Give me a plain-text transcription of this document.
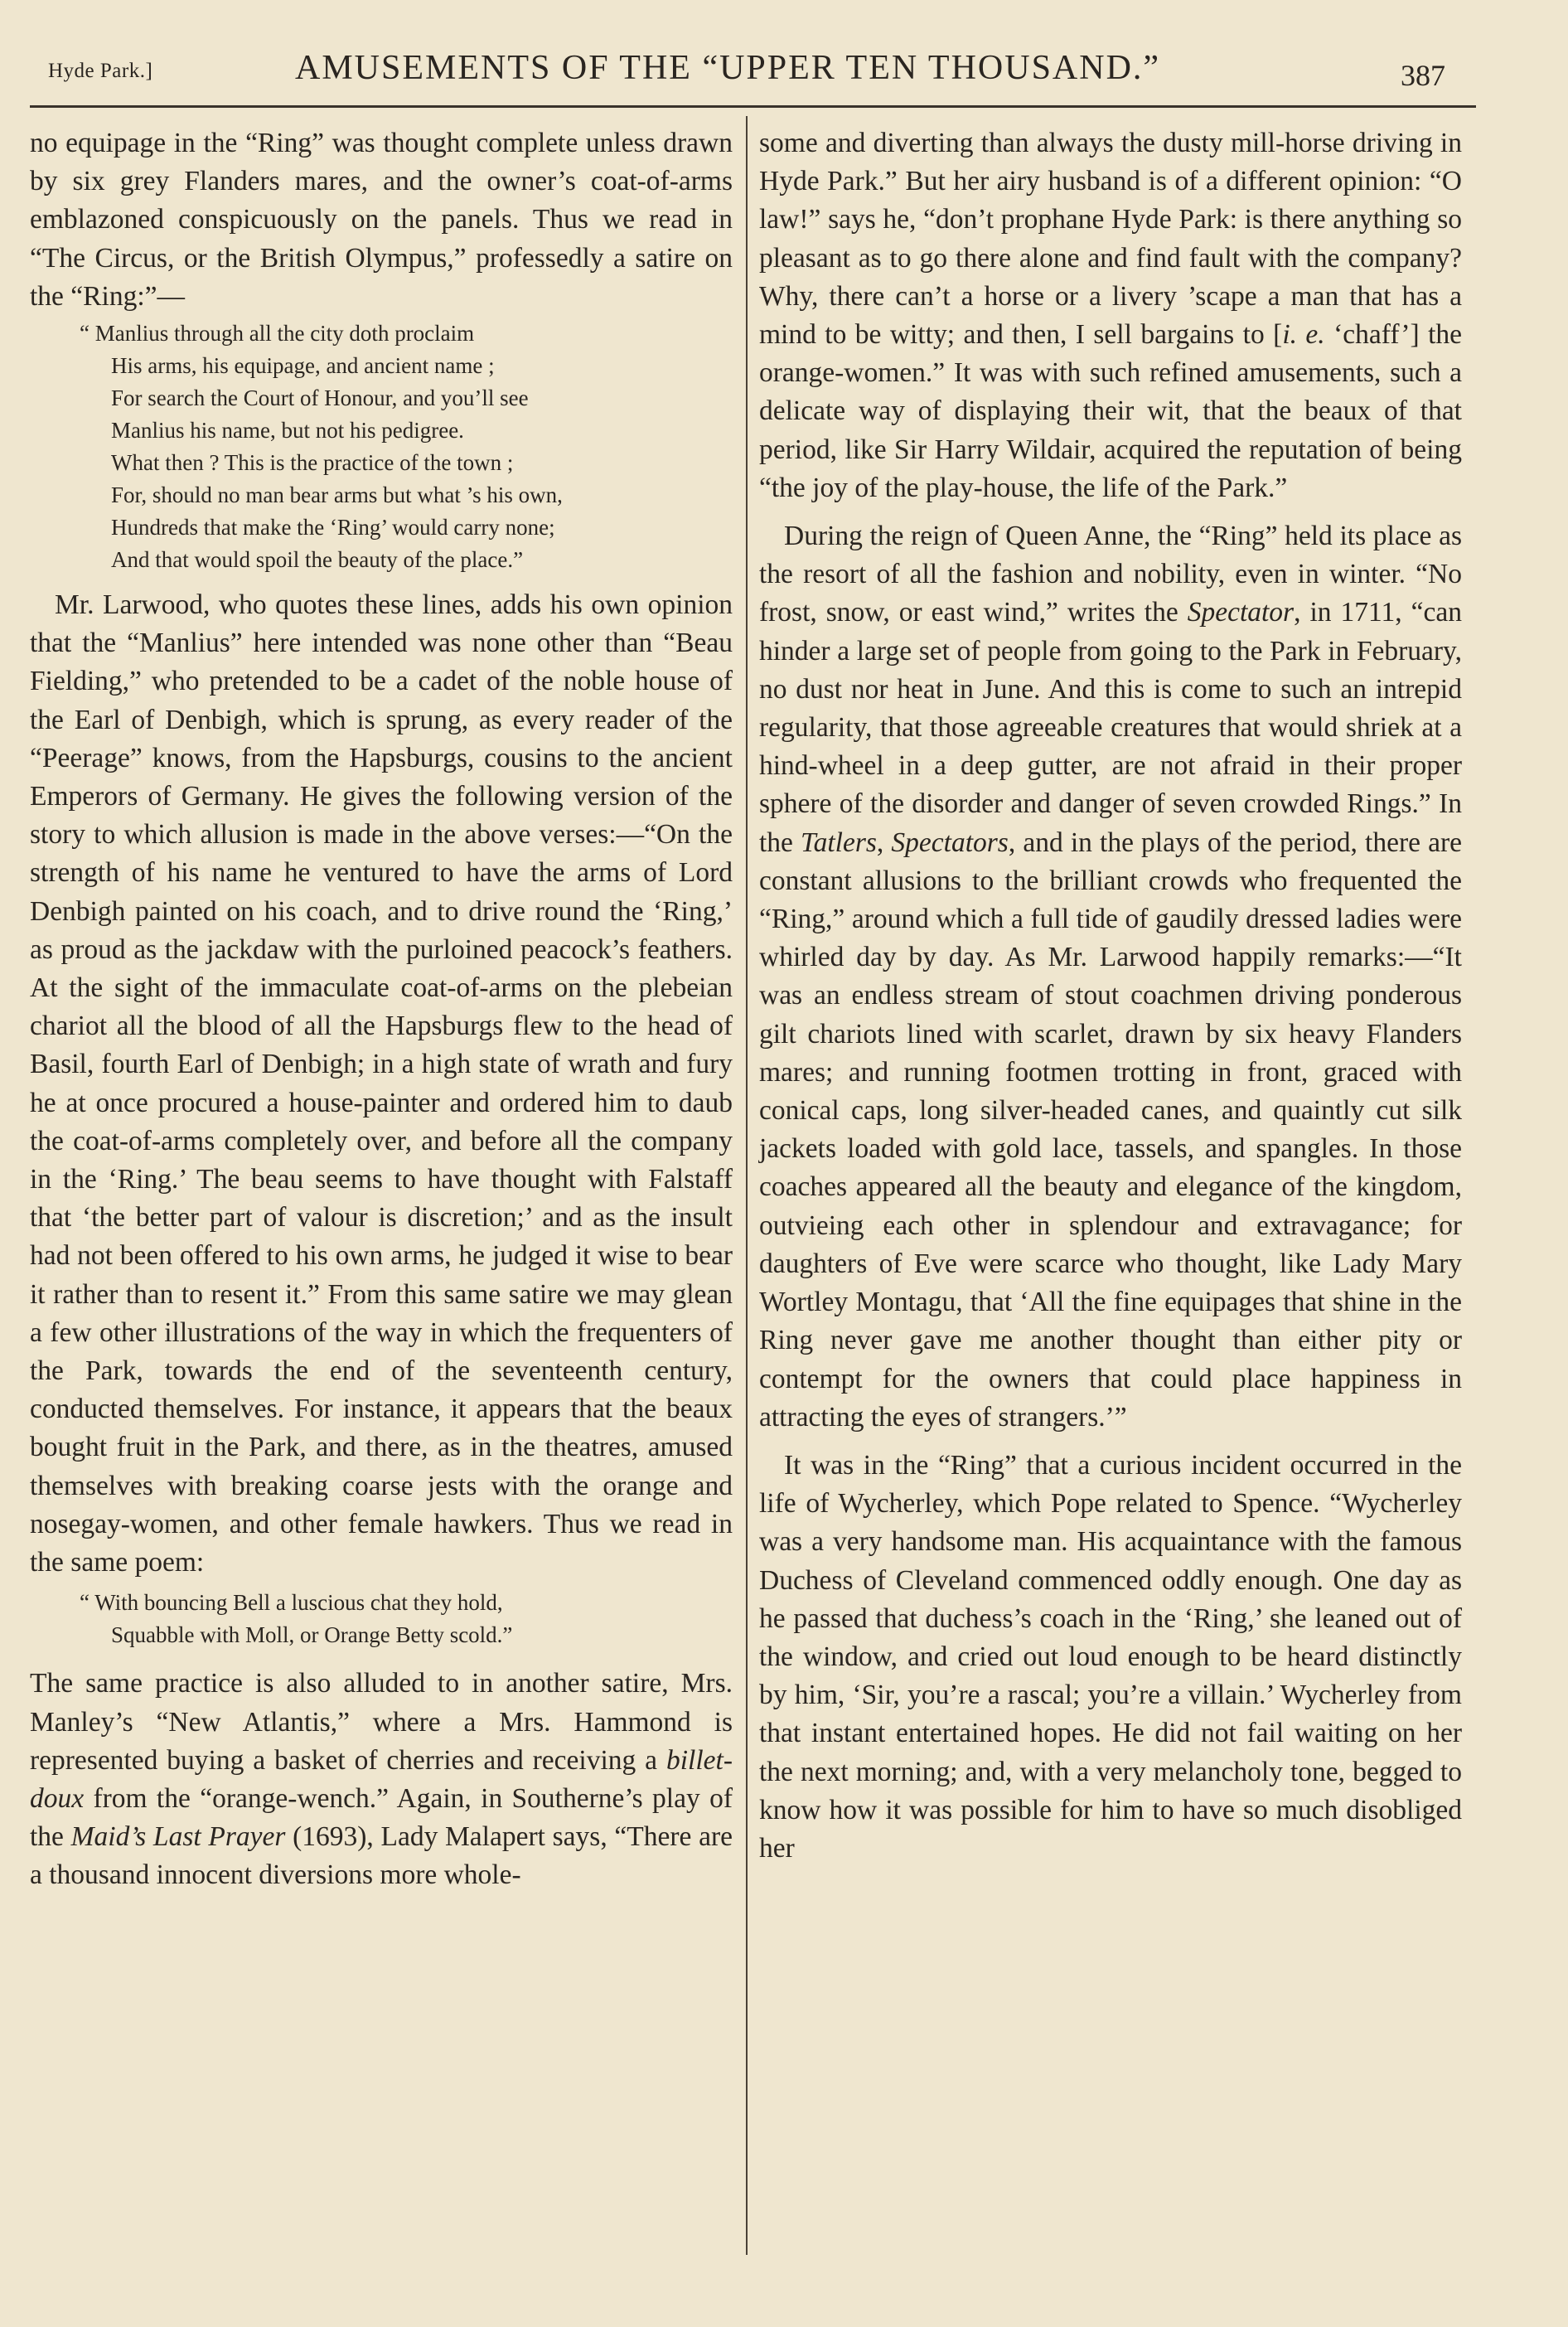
Hyde Park.]	AMUSEMENTS OF THE “UPPER TEN THOUSAND.”	387

no equipage in the “Ring” was thought complete unless drawn by six grey Flanders mares, and the owner’s coat-of-arms emblazoned conspicuously on the panels. Thus we read in “The Circus, or the British Olympus,” professedly a satire on the “Ring:”—

“ Manlius through all the city doth proclaim
His arms, his equipage, and ancient name ;
For search the Court of Honour, and you’ll see
Manlius his name, but not his pedigree.
What then ? This is the practice of the town ;
For, should no man bear arms but what ’s his own,
Hundreds that make the ‘Ring’ would carry none;
And that would spoil the beauty of the place.”

Mr. Larwood, who quotes these lines, adds his own opinion that the “Manlius” here intended was none other than “Beau Fielding,” who pretended to be a cadet of the noble house of the Earl of Denbigh, which is sprung, as every reader of the “Peerage” knows, from the Hapsburgs, cousins to the ancient Emperors of Germany. He gives the following version of the story to which allusion is made in the above verses:—“On the strength of his name he ventured to have the arms of Lord Denbigh painted on his coach, and to drive round the ‘Ring,’ as proud as the jackdaw with the purloined peacock’s feathers. At the sight of the immaculate coat-of-arms on the plebeian chariot all the blood of all the Hapsburgs flew to the head of Basil, fourth Earl of Denbigh; in a high state of wrath and fury he at once procured a house-painter and ordered him to daub the coat-of-arms completely over, and before all the company in the ‘Ring.’ The beau seems to have thought with Falstaff that ‘the better part of valour is discretion;’ and as the insult had not been offered to his own arms, he judged it wise to bear it rather than to resent it.” From this same satire we may glean a few other illustrations of the way in which the frequenters of the Park, towards the end of the seventeenth century, conducted themselves. For instance, it appears that the beaux bought fruit in the Park, and there, as in the theatres, amused themselves with breaking coarse jests with the orange and nosegay-women, and other female hawkers. Thus we read in the same poem:

“ With bouncing Bell a luscious chat they hold,
Squabble with Moll, or Orange Betty scold.”

The same practice is also alluded to in another satire, Mrs. Manley’s “New Atlantis,” where a Mrs. Hammond is represented buying a basket of cherries and receiving a billet-doux from the “orange-wench.” Again, in Southerne’s play of the Maid’s Last Prayer (1693), Lady Malapert says, “There are a thousand innocent diversions more whole-

some and diverting than always the dusty mill-horse driving in Hyde Park.” But her airy husband is of a different opinion: “O law!” says he, “don’t prophane Hyde Park: is there anything so pleasant as to go there alone and find fault with the company? Why, there can’t a horse or a livery ’scape a man that has a mind to be witty; and then, I sell bargains to [i. e. ‘chaff’] the orange-women.” It was with such refined amusements, such a delicate way of displaying their wit, that the beaux of that period, like Sir Harry Wildair, acquired the reputation of being “the joy of the play-house, the life of the Park.”

During the reign of Queen Anne, the “Ring” held its place as the resort of all the fashion and nobility, even in winter. “No frost, snow, or east wind,” writes the Spectator, in 1711, “can hinder a large set of people from going to the Park in February, no dust nor heat in June. And this is come to such an intrepid regularity, that those agreeable creatures that would shriek at a hind-wheel in a deep gutter, are not afraid in their proper sphere of the disorder and danger of seven crowded Rings.” In the Tatlers, Spectators, and in the plays of the period, there are constant allusions to the brilliant crowds who frequented the “Ring,” around which a full tide of gaudily dressed ladies were whirled day by day. As Mr. Larwood happily remarks:—“It was an endless stream of stout coachmen driving ponderous gilt chariots lined with scarlet, drawn by six heavy Flanders mares; and running footmen trotting in front, graced with conical caps, long silver-headed canes, and quaintly cut silk jackets loaded with gold lace, tassels, and spangles. In those coaches appeared all the beauty and elegance of the kingdom, outvieing each other in splendour and extravagance; for daughters of Eve were scarce who thought, like Lady Mary Wortley Montagu, that ‘All the fine equipages that shine in the Ring never gave me another thought than either pity or contempt for the owners that could place happiness in attracting the eyes of strangers.’”

It was in the “Ring” that a curious incident occurred in the life of Wycherley, which Pope related to Spence. “Wycherley was a very handsome man. His acquaintance with the famous Duchess of Cleveland commenced oddly enough. One day as he passed that duchess’s coach in the ‘Ring,’ she leaned out of the window, and cried out loud enough to be heard distinctly by him, ‘Sir, you’re a rascal; you’re a villain.’ Wycherley from that instant entertained hopes. He did not fail waiting on her the next morning; and, with a very melancholy tone, begged to know how it was possible for him to have so much disobliged her
